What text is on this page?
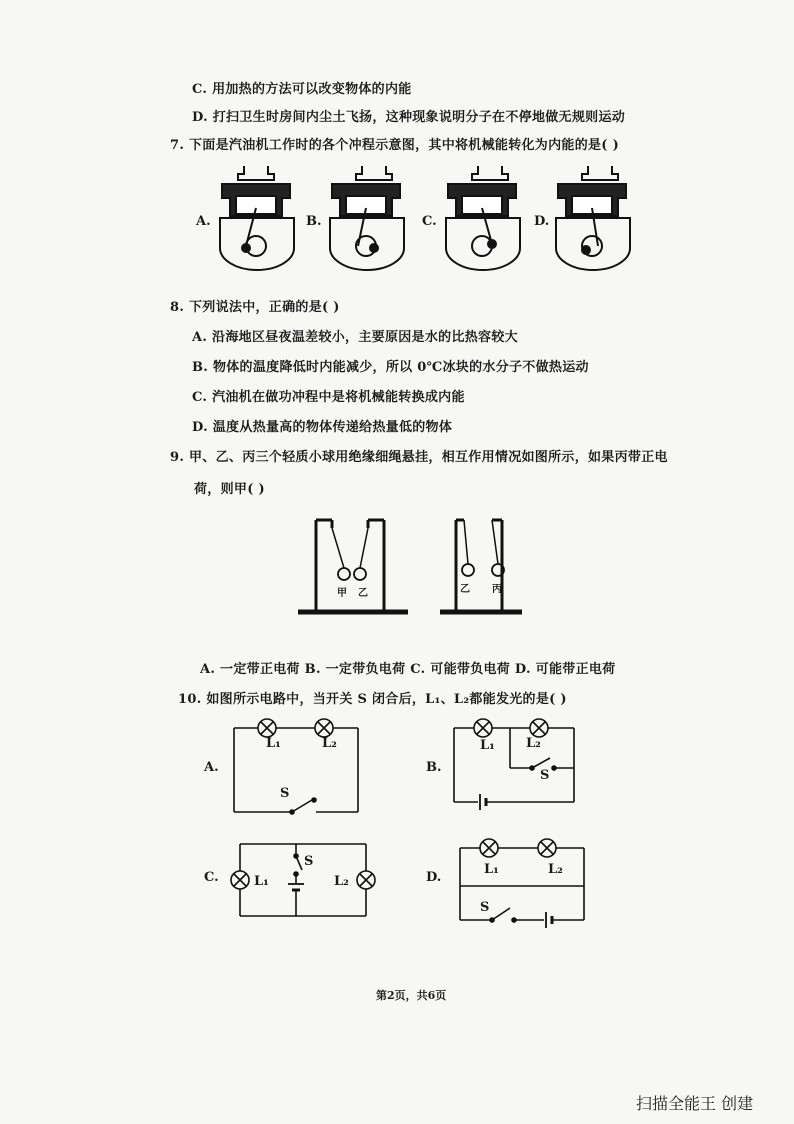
C. 用加热的方法可以改变物体的内能
D. 打扫卫生时房间内尘土飞扬，这种现象说明分子在不停地做无规则运动
7. 下面是汽油机工作时的各个冲程示意图，其中将机械能转化为内能的是( )
A.	B.	C.	D.
8. 下列说法中，正确的是( )
A. 沿海地区昼夜温差较小，主要原因是水的比热容较大
B. 物体的温度降低时内能减少，所以 0℃冰块的水分子不做热运动
C. 汽油机在做功冲程中是将机械能转换成内能
D. 温度从热量高的物体传递给热量低的物体
9. 甲、乙、丙三个轻质小球用绝缘细绳悬挂，相互作用情况如图所示，如果丙带正电
荷，则甲( )
甲 乙	乙 丙
A. 一定带正电荷 B. 一定带负电荷 C. 可能带负电荷 D. 可能带正电荷
10. 如图所示电路中，当开关 S 闭合后，L₁、L₂都能发光的是( )
A.
L₁	L₂
S
B.
L₁ L₂
S
C.	L₁	L₂
S
D.
L₁	L₂
S
第2页，共6页
扫描全能王 创建
